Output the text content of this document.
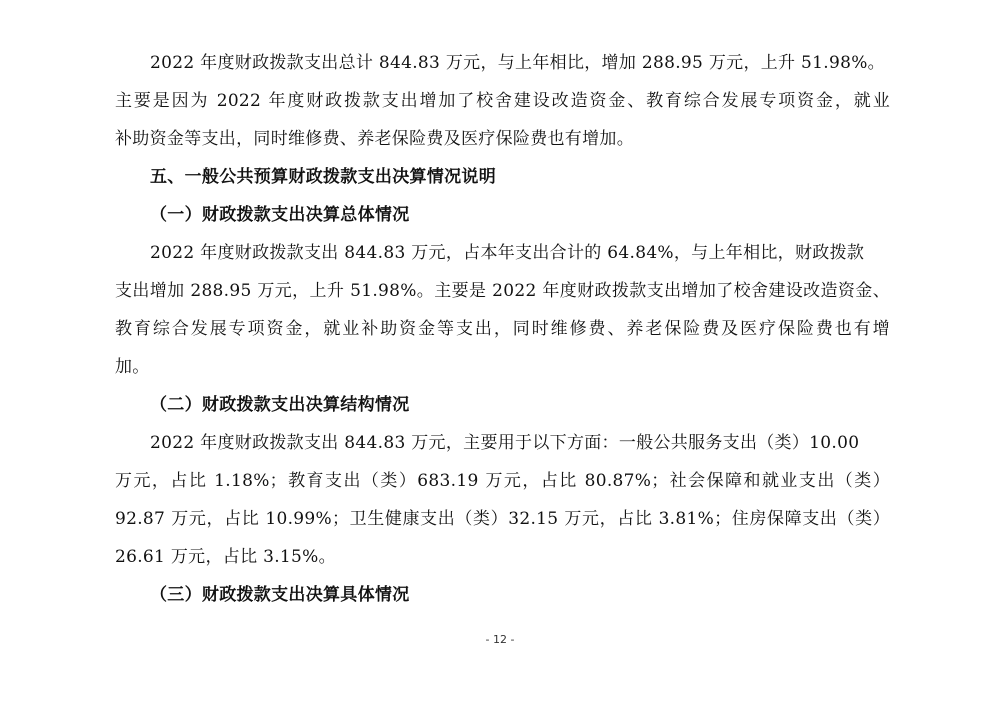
2022 年度财政拨款支出总计 844.83 万元，与上年相比，增加 288.95 万元，上升 51.98%。
主要是因为 2022 年度财政拨款支出增加了校舍建设改造资金、教育综合发展专项资金，就业
补助资金等支出，同时维修费、养老保险费及医疗保险费也有增加。
五、一般公共预算财政拨款支出决算情况说明
（一）财政拨款支出决算总体情况
2022 年度财政拨款支出 844.83 万元，占本年支出合计的 64.84%，与上年相比，财政拨款
支出增加 288.95 万元，上升 51.98%。主要是 2022 年度财政拨款支出增加了校舍建设改造资金、
教育综合发展专项资金，就业补助资金等支出，同时维修费、养老保险费及医疗保险费也有增
加。
（二）财政拨款支出决算结构情况
2022 年度财政拨款支出 844.83 万元，主要用于以下方面：一般公共服务支出（类）10.00
万元，占比 1.18%；教育支出（类）683.19 万元，占比 80.87%；社会保障和就业支出（类）
92.87 万元，占比 10.99%；卫生健康支出（类）32.15 万元，占比 3.81%；住房保障支出（类）
26.61 万元，占比 3.15%。
（三）财政拨款支出决算具体情况
- 12 -
